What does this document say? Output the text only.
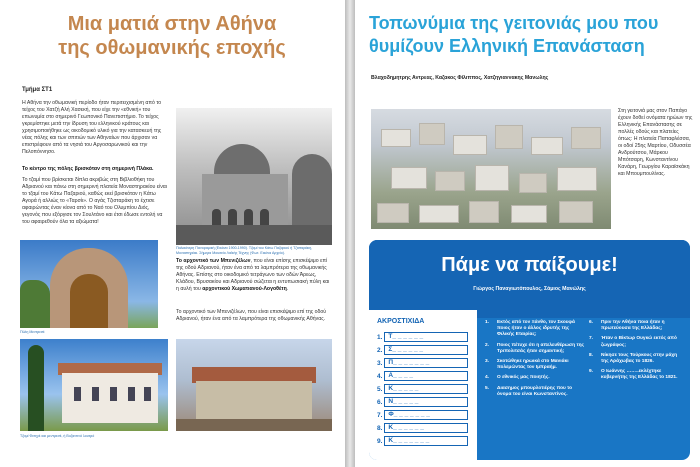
Μια ματιά στην Αθήνα
της οθωμανικής εποχής
Τμήμα ΣΤ1
Η Αθήνα την οθωμανική περίοδο ήταν περιτειχισμένη από το τείχος του Χατζή Αλή Χασεκή, που είχε την «εθνική» του επωνυμία στο σημερινό Γεωπονικό Πανεπιστήμιο. Το τείχος γκρεμίστηκε μετά την ίδρυση του ελληνικού κράτους και χρησιμοποιήθηκε ως οικοδομικό υλικό για την κατασκευή της νέας πόλης και των σπιτιών των Αθηναίων που άρχισαν να επιστρέφουν από τα νησιά του Αργοσαρωνικού και την Πελοπόννησο.
Το κέντρο της πόλης βρισκόταν στη σημερινή Πλάκα.
Το τζαμί που βρίσκεται δίπλα ακριβώς στη Βιβλιοθήκη του Αδριανού και πάνω στη σημερινή πλατεία Μοναστηρακίου είναι το τζαμί του Κάτω Παζαριού, καθώς εκεί βρισκόταν η Κάτω Αγορά ή αλλιώς το «Ταρσίι». Ο αγάς Τζισταράκη το έχτισε αφαιρώντας έναν κίονα από το Ναό του Ολυμπίου Διός, γεγονός που εξόργισε τον Σουλτάνο και έτσι έδωσε εντολή να του αφαιρεθούν όλα τα αξιώματα!
Παλαιότερη Πανοραμική (Εικόνα 1900-1990). Τζαμί του Κάτω Παζαριού ή Τζισταράκη, Μοναστηράκι. Σήμερα Μουσείο Λαϊκής Τέχνης (Φωτ. Εικόνα Αρχείο).
Πύλη Μεντρεσέ
Το αρχοντικό των Μπενιζέλων, που είναι επίσης επισκέψιμο επί της οδού Αδριανού, ήταν ένα από τα λαμπρότερα της οθωμανικής Αθήνας. Επίσης στο οικοδομικό τετράγωνο των οδών Άρεως, Κλάδου, Βρυσακίου και Αδριανού σώζεται η εντυπωσιακή πύλη και η αυλή του αρχοντικού Χωματιανού-Λογοθέτη.
Το αρχοντικό των Μπενιζέλων, που είναι επισκέψιμο επί της οδού Αδριανού, ήταν ένα από τα λαμπρότερα της οθωμανικής Αθήνας.
Τζαμί Φετιχιέ και μεντρεσέ, ή Βυζαντινό λουτρό
Τοπωνύμια της γειτονιάς μου που
θυμίζουν Ελληνική Επανάσταση
Βλαχοδημητρης Αντρεας, Καζακος Φίλιππος, Χατζηγιαννακης Μανωλης
Στη γειτονιά μας στον Παπάγο έχουν δοθεί ονόματα ηρώων της Ελληνικής Επανάστασης σε πολλές οδούς και πλατείες όπως: Η πλατεία Παπαφλέσσα, οι οδοί 25ης Μαρτίου, Οδυσσέα Ανδρούτσου, Μάρκου Μπότσαρη, Κωνσταντίνου Κανάρη, Γεωργίου Καραϊσκάκη και Μπουμπουλίνας.
Πάμε να παίξουμε!
Γιώργος Παναγιωτόπουλος, Σάμιος Μανώλης
ΑΚΡΟΣΤΙΧΙΔΑ
1. Τ_ _ _ _ _ _
2. Σ_ _ _ _ _ _
3. Π_ _ _ _ _ _ _
4. Α_ _ _ _
5. Κ_ _ _ _ _
6. Ν_ _ _ _ _
7. Φ_ _ _ _ _ _ _
8. Κ_ _ _ _ _ _
9. Κ_ _ _ _ _ _ _
1. Εκτός από τον Ξάνθο, τον Σκουφά ποιος ήταν ο άλλος ιδρυτής της Φιλικής Εταιρίας;
2. Ποιος πέτυχε ότι η απελευθέρωση της Τριπολιτσάς ήταν σημαντική;
3. Σκοτώθηκε ηρωικά στο Μανιάκι πολεμώντας τον Ιμπραήμ.
4. Ο εθνικός μας ποιητής.
5. Διασημος μπουρλοτιέρης που το όνομα του είναι Κωνσταντίνος.
6. Πριν την Αθήνα ποια ήταν η πρωτεύουσα της Ελλάδας;
7. Ήταν ο Βίκτωρ Ουγκώ εκτός από ζωγράφος;
8. Νίκησε τους Τούρκους στην μάχη της Αράχωβας το 1826.
9. Ο Ιωάννης ……..εκλέχτηκε κυβερνήτης της Ελλάδας το 1821.
